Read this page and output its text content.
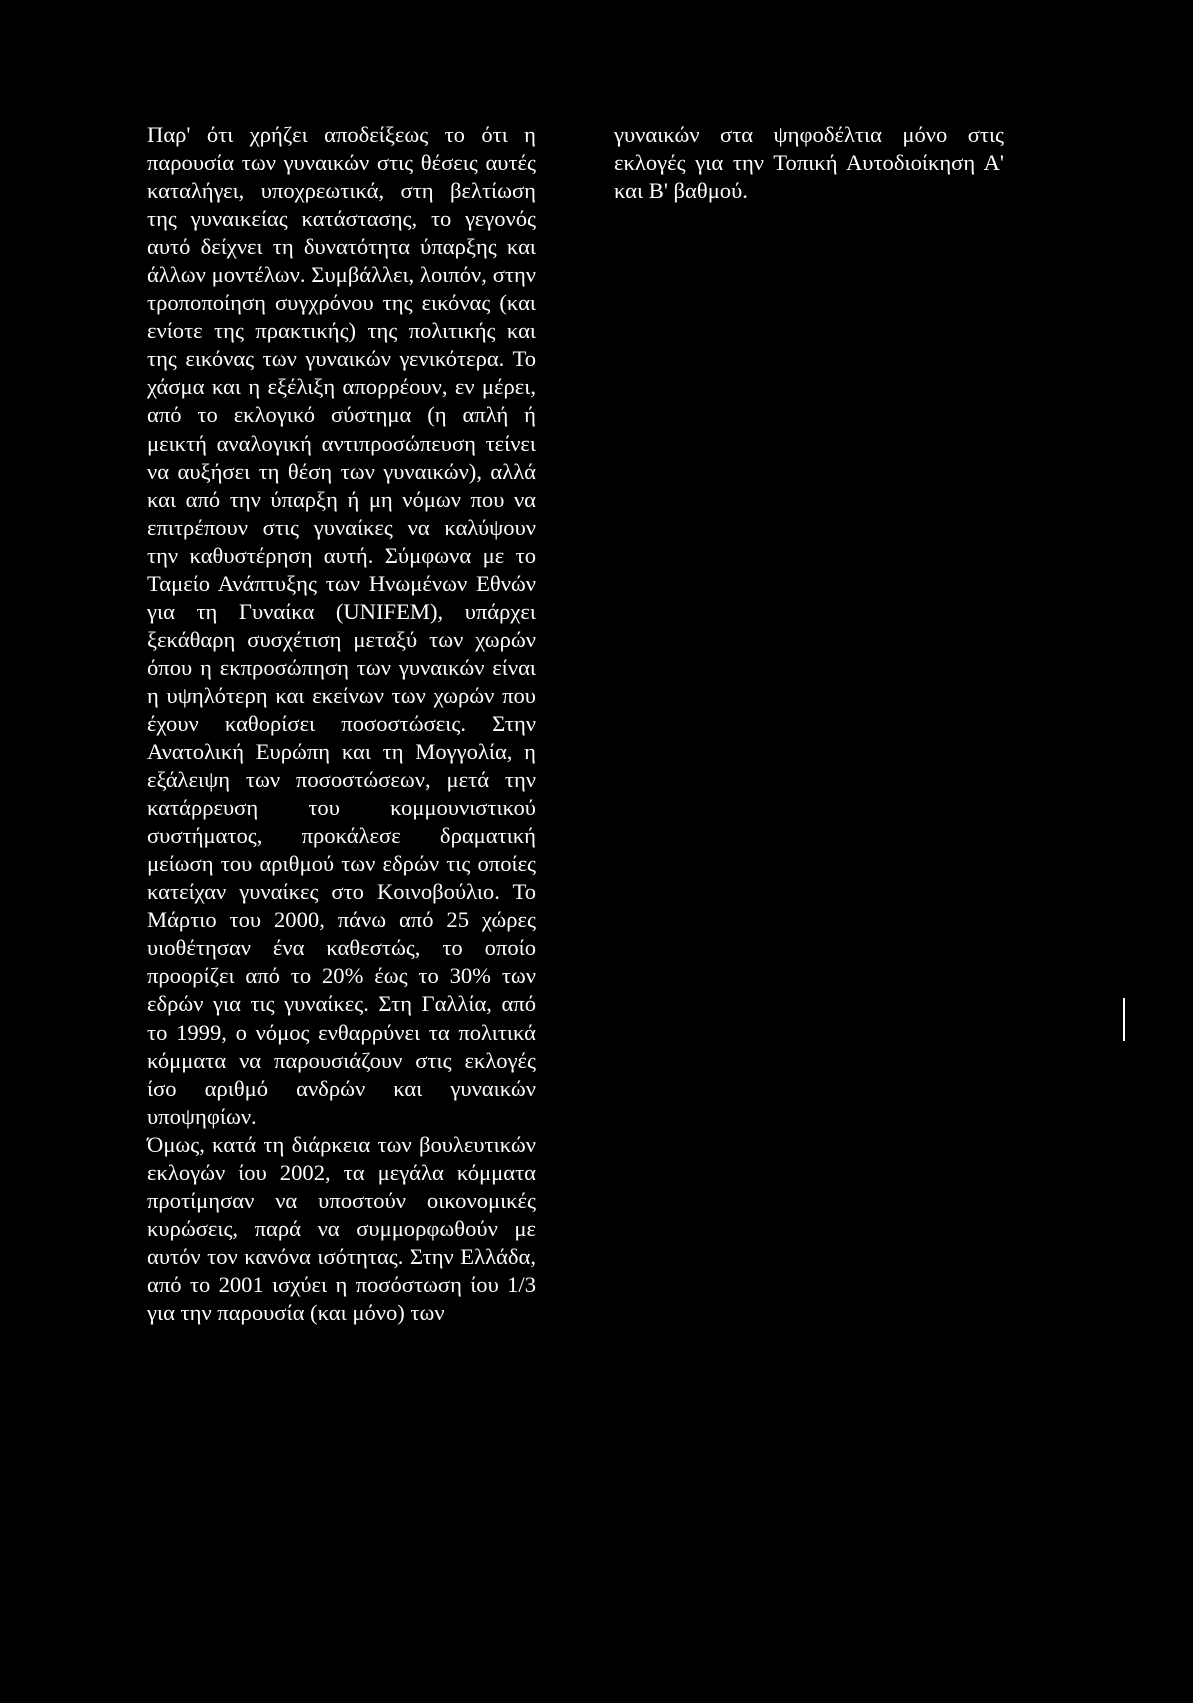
Παρ' ότι χρήζει αποδείξεως το ότι η παρουσία των γυναικών στις θέσεις αυτές καταλήγει, υποχρεωτικά, στη βελτίωση της γυναικείας κατάστασης, το γεγονός αυτό δείχνει τη δυνατότητα ύπαρξης και άλλων μοντέλων. Συμβάλλει, λοιπόν, στην τροποποίηση συγχρόνου της εικόνας (και ενίοτε της πρακτικής) της πολιτικής και της εικόνας των γυναικών γενικότερα. Το χάσμα και η εξέλιξη απορρέουν, εν μέρει, από το εκλογικό σύστημα (η απλή ή μεικτή αναλογική αντιπροσώπευση τείνει να αυξήσει τη θέση των γυναικών), αλλά και από την ύπαρξη ή μη νόμων που να επιτρέπουν στις γυναίκες να καλύψουν την καθυστέρηση αυτή. Σύμφωνα με το Ταμείο Ανάπτυξης των Ηνωμένων Εθνών για τη Γυναίκα (UNIFEM), υπάρχει ξεκάθαρη συσχέτιση μεταξύ των χωρών όπου η εκπροσώπηση των γυναικών είναι η υψηλότερη και εκείνων των χωρών που έχουν καθορίσει ποσοστώσεις. Στην Ανατολική Ευρώπη και τη Μογγολία, η εξάλειψη των ποσοστώσεων, μετά την κατάρρευση του κομμουνιστικού συστήματος, προκάλεσε δραματική μείωση του αριθμού των εδρών τις οποίες κατείχαν γυναίκες στο Κοινοβούλιο. Το Μάρτιο του 2000, πάνω από 25 χώρες υιοθέτησαν ένα καθεστώς, το οποίο προορίζει από το 20% έως το 30% των εδρών για τις γυναίκες. Στη Γαλλία, από το 1999, ο νόμος ενθαρρύνει τα πολιτικά κόμματα να παρουσιάζουν στις εκλογές ίσο αριθμό ανδρών και γυναικών υποψηφίων.

Όμως, κατά τη διάρκεια των βουλευτικών εκλογών ίου 2002, τα μεγάλα κόμματα προτίμησαν να υποστούν οικονομικές κυρώσεις, παρά να συμμορφωθούν με αυτόν τον κανόνα ισότητας. Στην Ελλάδα, από το 2001 ισχύει η ποσόστωση ίου 1/3 για την παρουσία (και μόνο) των

γυναικών στα ψηφοδέλτια μόνο στις εκλογές για την Τοπική Αυτοδιοίκηση Α' και Β' βαθμού.
